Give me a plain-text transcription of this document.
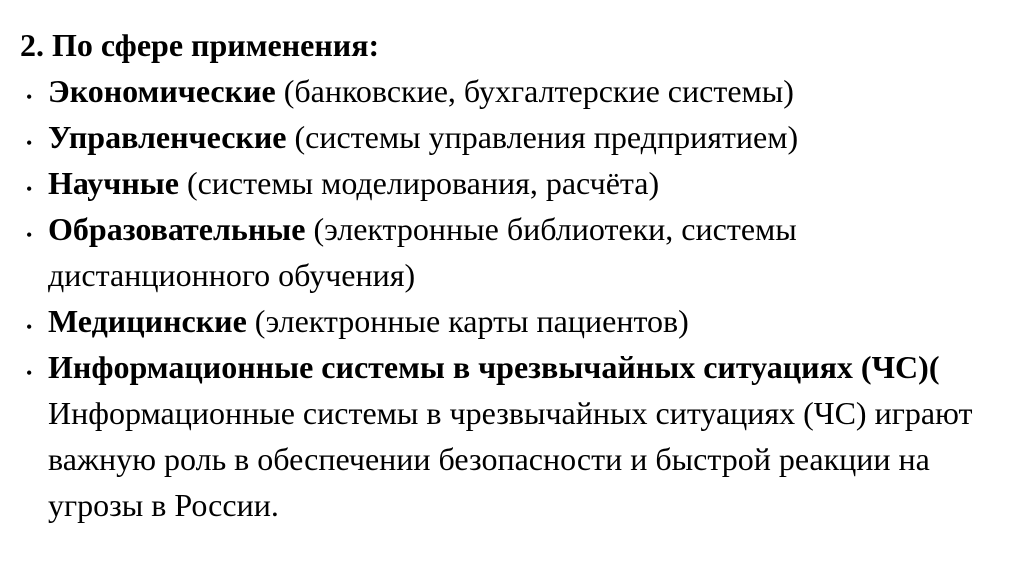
2. По сфере применения:
• Экономические (банковские, бухгалтерские системы)
• Управленческие (системы управления предприятием)
• Научные (системы моделирования, расчёта)
• Образовательные (электронные библиотеки, системы дистанционного обучения)
• Медицинские (электронные карты пациентов)
• Информационные системы в чрезвычайных ситуациях (ЧС)( Информационные системы в чрезвычайных ситуациях (ЧС) играют важную роль в обеспечении безопасности и быстрой реакции на угрозы в России.
